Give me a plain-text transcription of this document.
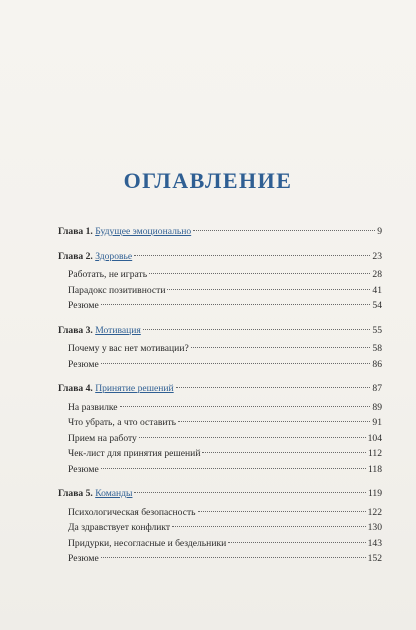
ОГЛАВЛЕНИЕ
Глава 1. Будущее эмоционально	9
Глава 2. Здоровье	23
Работать, не играть	28
Парадокс позитивности	41
Резюме	54
Глава 3. Мотивация	55
Почему у вас нет мотивации?	58
Резюме	86
Глава 4. Принятие решений	87
На развилке	89
Что убрать, а что оставить	91
Прием на работу	104
Чек-лист для принятия решений	112
Резюме	118
Глава 5. Команды	119
Психологическая безопасность	122
Да здравствует конфликт	130
Придурки, несогласные и бездельники	143
Резюме	152
